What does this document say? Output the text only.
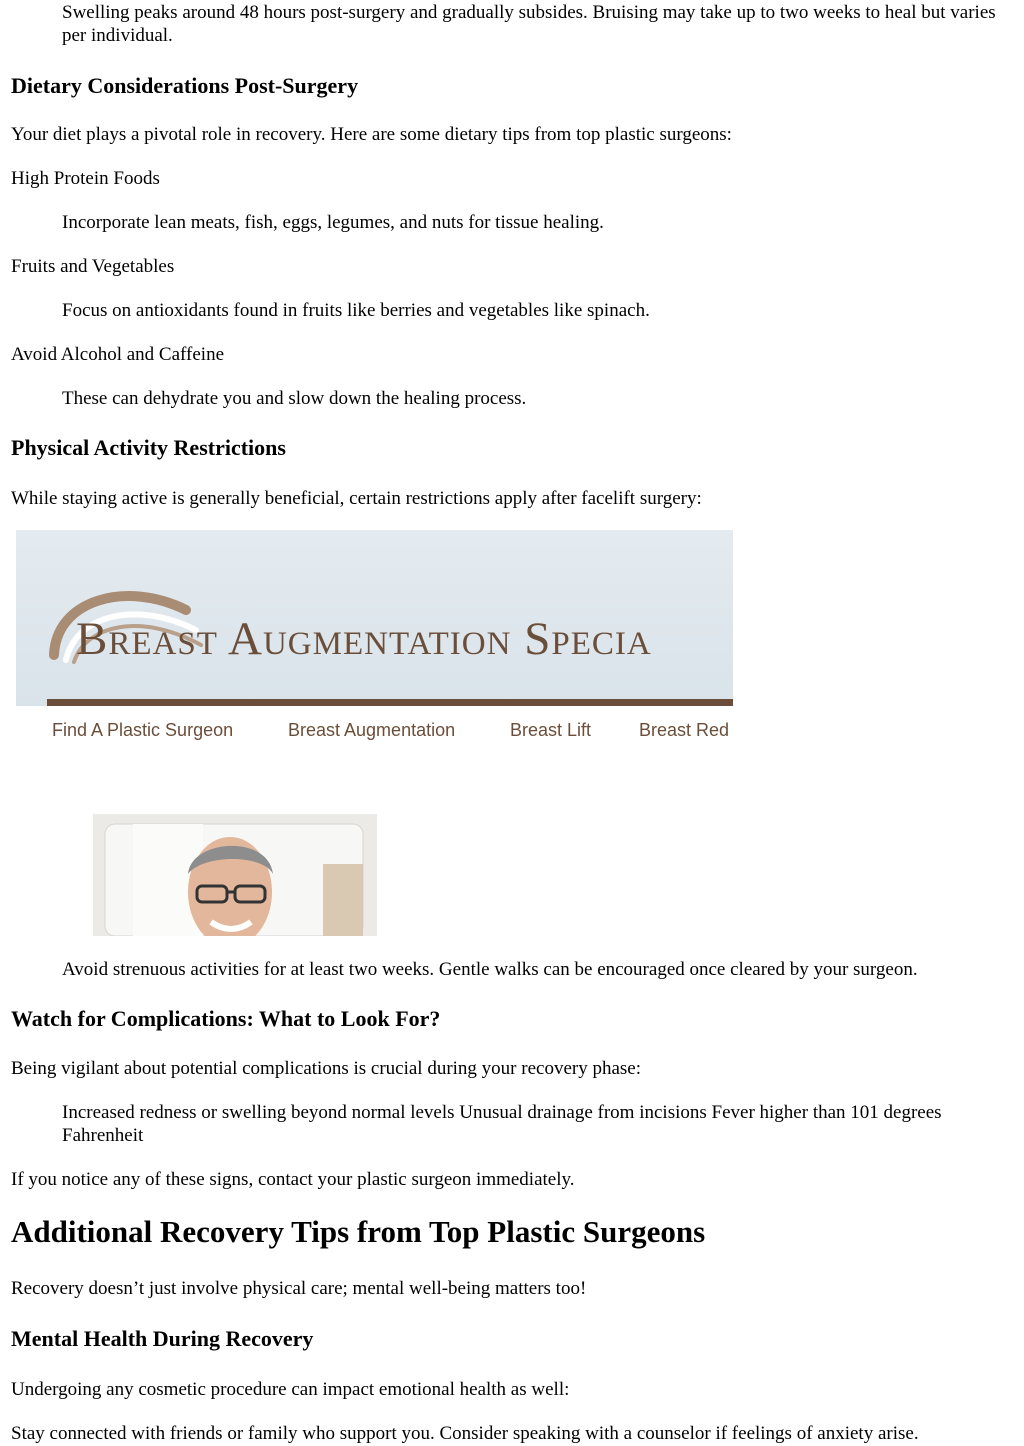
Swelling peaks around 48 hours post-surgery and gradually subsides. Bruising may take up to two weeks to heal but varies per individual.

Dietary Considerations Post-Surgery

Your diet plays a pivotal role in recovery. Here are some dietary tips from top plastic surgeons:

High Protein Foods

Incorporate lean meats, fish, eggs, legumes, and nuts for tissue healing.

Fruits and Vegetables

Focus on antioxidants found in fruits like berries and vegetables like spinach.

Avoid Alcohol and Caffeine

These can dehydrate you and slow down the healing process.

Physical Activity Restrictions

While staying active is generally beneficial, certain restrictions apply after facelift surgery:

Breast Augmentation Specia
Find A Plastic Surgeon	Breast Augmentation	Breast Lift	Breast Red

Avoid strenuous activities for at least two weeks. Gentle walks can be encouraged once cleared by your surgeon.

Watch for Complications: What to Look For?

Being vigilant about potential complications is crucial during your recovery phase:

Increased redness or swelling beyond normal levels Unusual drainage from incisions Fever higher than 101 degrees Fahrenheit

If you notice any of these signs, contact your plastic surgeon immediately.

Additional Recovery Tips from Top Plastic Surgeons

Recovery doesn’t just involve physical care; mental well-being matters too!

Mental Health During Recovery

Undergoing any cosmetic procedure can impact emotional health as well:

Stay connected with friends or family who support you. Consider speaking with a counselor if feelings of anxiety arise.
